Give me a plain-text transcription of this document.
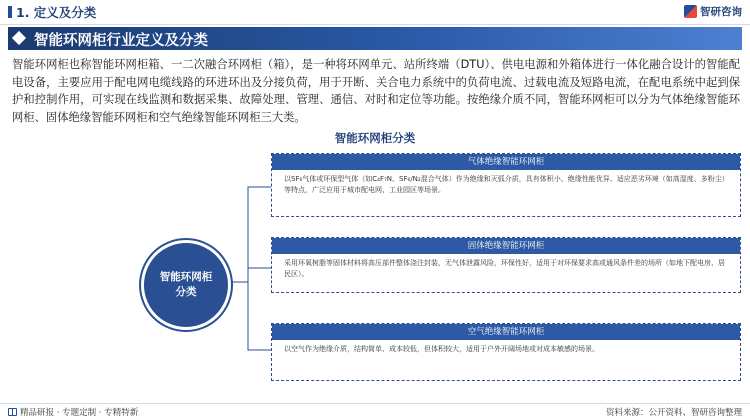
1. 定义及分类	智研咨询
智能环网柜行业定义及分类
智能环网柜也称智能环网柜箱、一二次融合环网柜（箱），是一种将环网单元、站所终端（DTU）、供电电源和外箱体进行一体化融合设计的智能配电设备，主要应用于配电网电缆线路的环进环出及分接负荷，用于开断、关合电力系统中的负荷电流、过载电流及短路电流，在配电系统中起到保护和控制作用，可实现在线监测和数据采集、故障处理、管理、通信、对时和定位等功能。按绝缘介质不同，智能环网柜可以分为气体绝缘智能环网柜、固体绝缘智能环网柜和空气绝缘智能环网柜三大类。
智能环网柜分类
智能环网柜分类
气体绝缘智能环网柜
以SF₆气体或环保型气体（如C₄F₇N、SF₆/N₂混合气体）作为绝缘和灭弧介质，具有体积小、绝缘性能优异、适应恶劣环境（如高湿度、多粉尘）等特点，广泛应用于城市配电网、工业园区等场景。
固体绝缘智能环网柜
采用环氧树脂等固体材料将高压部件整体浇注封装，无气体泄露风险，环保性好，适用于对环保要求高或通风条件差的场所（如地下配电房、居民区）。
空气绝缘智能环网柜
以空气作为绝缘介质，结构简单、成本较低，但体积较大，适用于户外开阔场地或对成本敏感的场景。
精品研报 · 专题定制 · 专精特新	资料来源：公开资料、智研咨询整理
